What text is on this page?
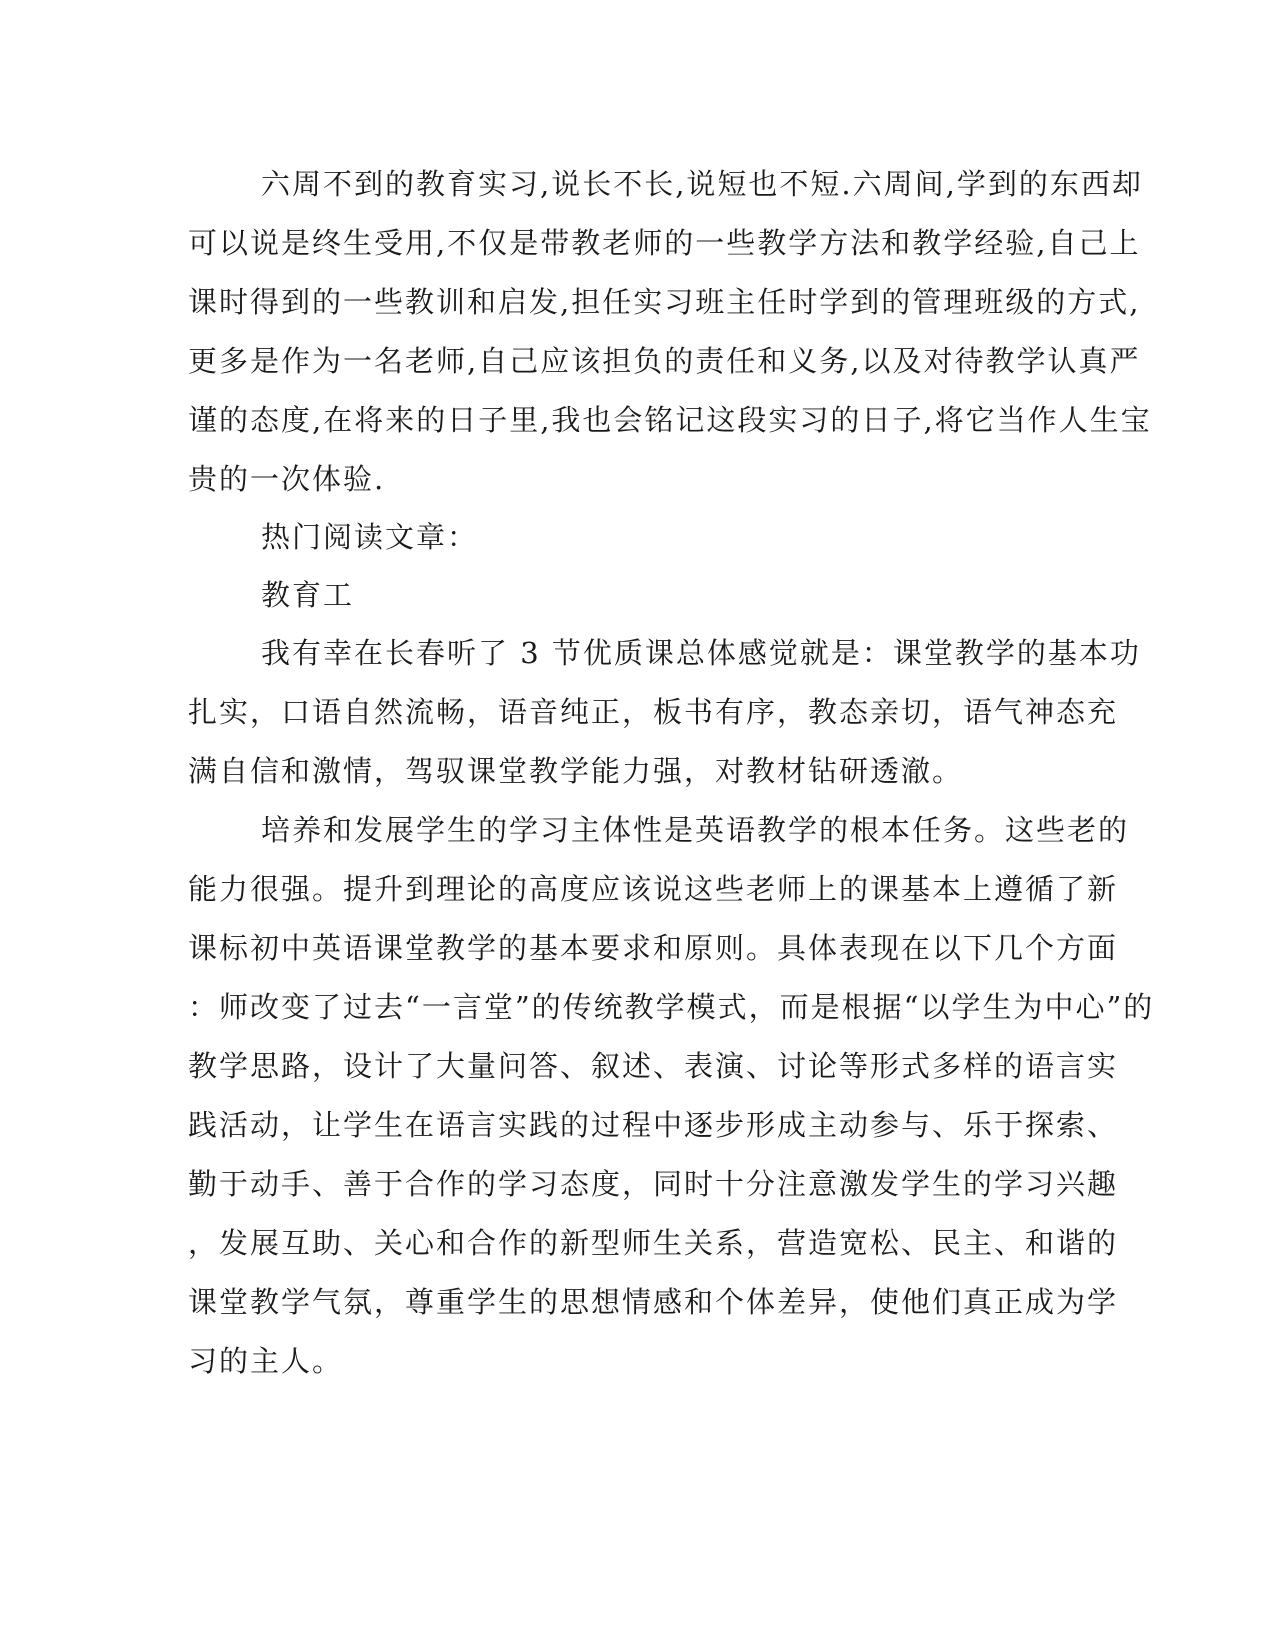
六周不到的教育实习,说长不长,说短也不短.六周间,学到的东西却
可以说是终生受用,不仅是带教老师的一些教学方法和教学经验,自己上
课时得到的一些教训和启发,担任实习班主任时学到的管理班级的方式,
更多是作为一名老师,自己应该担负的责任和义务,以及对待教学认真严
谨的态度,在将来的日子里,我也会铭记这段实习的日子,将它当作人生宝
贵的一次体验.
热门阅读文章：
教育工
我有幸在长春听了 3 节优质课总体感觉就是：课堂教学的基本功
扎实，口语自然流畅，语音纯正，板书有序，教态亲切，语气神态充
满自信和激情，驾驭课堂教学能力强，对教材钻研透澈。
培养和发展学生的学习主体性是英语教学的根本任务。这些老的
能力很强。提升到理论的高度应该说这些老师上的课基本上遵循了新
课标初中英语课堂教学的基本要求和原则。具体表现在以下几个方面
：师改变了过去“一言堂”的传统教学模式，而是根据“以学生为中心”的
教学思路，设计了大量问答、叙述、表演、讨论等形式多样的语言实
践活动，让学生在语言实践的过程中逐步形成主动参与、乐于探索、
勤于动手、善于合作的学习态度，同时十分注意激发学生的学习兴趣
，发展互助、关心和合作的新型师生关系，营造宽松、民主、和谐的
课堂教学气氛，尊重学生的思想情感和个体差异，使他们真正成为学
习的主人。
